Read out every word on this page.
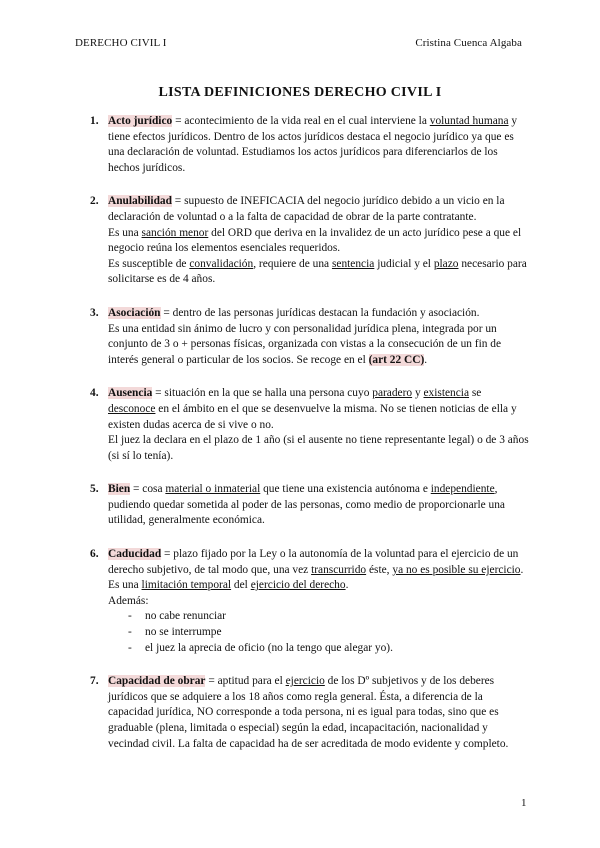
DERECHO CIVIL I	Cristina Cuenca Algaba
LISTA DEFINICIONES DERECHO CIVIL I
1. Acto jurídico = acontecimiento de la vida real en el cual interviene la voluntad humana y tiene efectos jurídicos. Dentro de los actos jurídicos destaca el negocio jurídico ya que es una declaración de voluntad. Estudiamos los actos jurídicos para diferenciarlos de los hechos jurídicos.
2. Anulabilidad = supuesto de INEFICACIA del negocio jurídico debido a un vicio en la declaración de voluntad o a la falta de capacidad de obrar de la parte contratante.
Es una sanción menor del ORD que deriva en la invalidez de un acto jurídico pese a que el negocio reúna los elementos esenciales requeridos.
Es susceptible de convalidación, requiere de una sentencia judicial y el plazo necesario para solicitarse es de 4 años.
3. Asociación = dentro de las personas jurídicas destacan la fundación y asociación.
Es una entidad sin ánimo de lucro y con personalidad jurídica plena, integrada por un conjunto de 3 o + personas físicas, organizada con vistas a la consecución de un fin de interés general o particular de los socios. Se recoge en el (art 22 CC).
4. Ausencia = situación en la que se halla una persona cuyo paradero y existencia se desconoce en el ámbito en el que se desenvuelve la misma. No se tienen noticias de ella y existen dudas acerca de si vive o no.
El juez la declara en el plazo de 1 año (si el ausente no tiene representante legal) o de 3 años (si sí lo tenía).
5. Bien = cosa material o inmaterial que tiene una existencia autónoma e independiente, pudiendo quedar sometida al poder de las personas, como medio de proporcionarle una utilidad, generalmente económica.
6. Caducidad = plazo fijado por la Ley o la autonomía de la voluntad para el ejercicio de un derecho subjetivo, de tal modo que, una vez transcurrido éste, ya no es posible su ejercicio. Es una limitación temporal del ejercicio del derecho.
Además:
- no cabe renunciar
- no se interrumpe
- el juez la aprecia de oficio (no la tengo que alegar yo).
7. Capacidad de obrar = aptitud para el ejercicio de los Dº subjetivos y de los deberes jurídicos que se adquiere a los 18 años como regla general. Ésta, a diferencia de la capacidad jurídica, NO corresponde a toda persona, ni es igual para todas, sino que es graduable (plena, limitada o especial) según la edad, incapacitación, nacionalidad y vecindad civil. La falta de capacidad ha de ser acreditada de modo evidente y completo.
1
